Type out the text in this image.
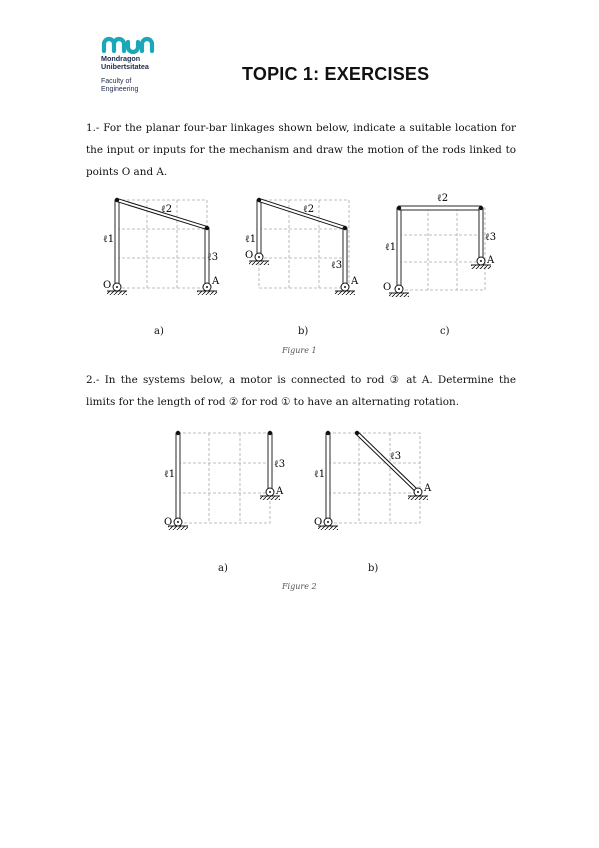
Mondragon
Unibertsitatea
Faculty of
Engineering
TOPIC 1: EXERCISES
1.- For the planar four-bar linkages shown below, indicate a suitable location for the input or inputs for the mechanism and draw the motion of the rods linked to points O and A.
ℓ1
ℓ2
ℓ3
O	A
ℓ1
ℓ2
ℓ3
O
A
ℓ1
ℓ2
ℓ3
O
A
a)	b)	c)
Figure 1
2.- In the systems below, a motor is connected to rod ③ at A. Determine the limits for the length of rod ② for rod ① to have an alternating rotation.
ℓ1
ℓ3
O
A
ℓ1
ℓ3
O
A
a)	b)
Figure 2
